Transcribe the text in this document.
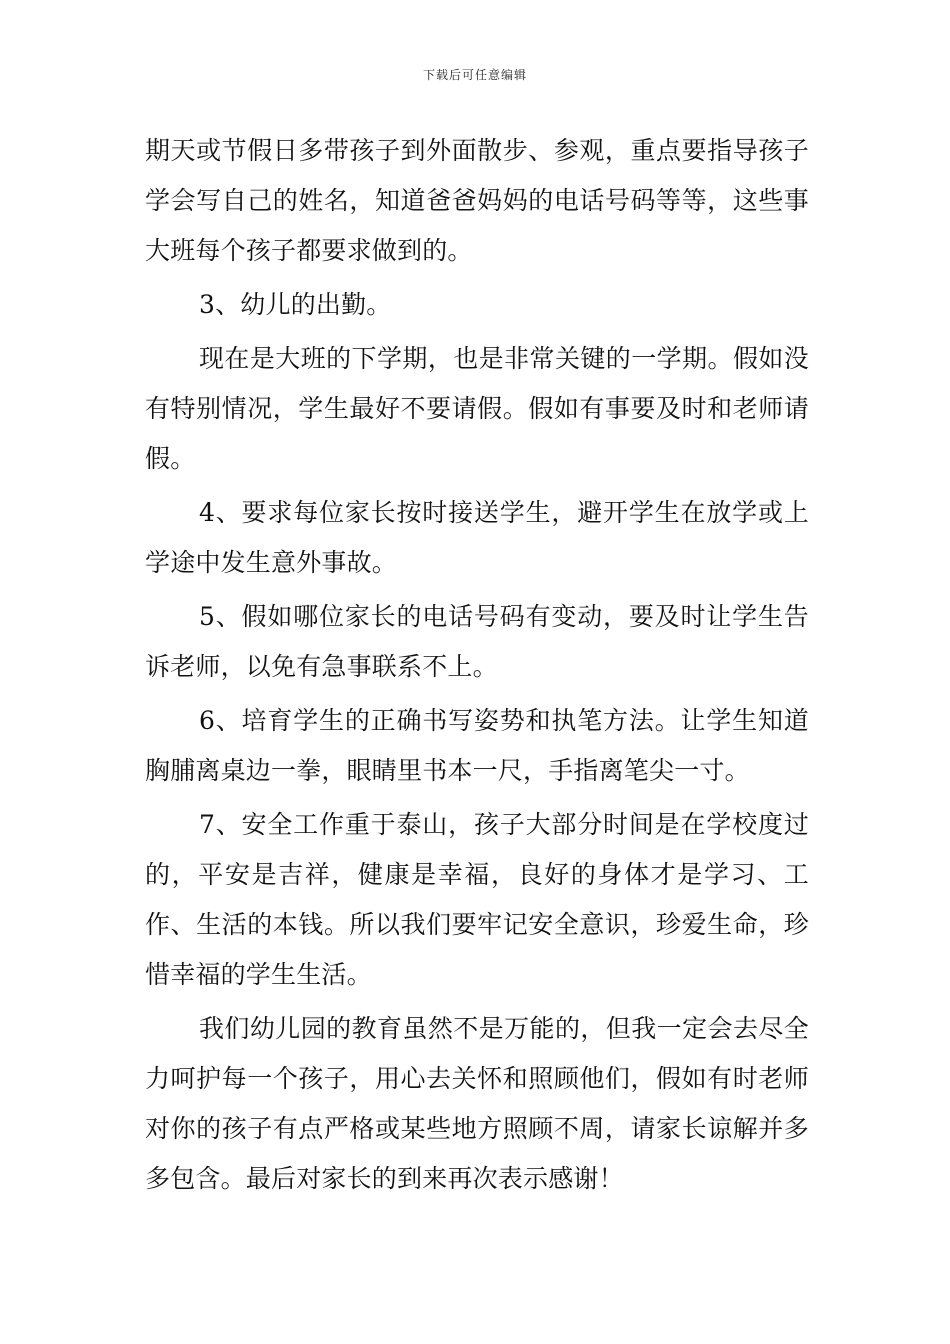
下载后可任意编辑

期天或节假日多带孩子到外面散步、参观，重点要指导孩子学会写自己的姓名，知道爸爸妈妈的电话号码等等，这些事大班每个孩子都要求做到的。

3、幼儿的出勤。

现在是大班的下学期，也是非常关键的一学期。假如没有特别情况，学生最好不要请假。假如有事要及时和老师请假。

4、要求每位家长按时接送学生，避开学生在放学或上学途中发生意外事故。

5、假如哪位家长的电话号码有变动，要及时让学生告诉老师，以免有急事联系不上。

6、培育学生的正确书写姿势和执笔方法。让学生知道胸脯离桌边一拳，眼睛里书本一尺，手指离笔尖一寸。

7、安全工作重于泰山，孩子大部分时间是在学校度过的，平安是吉祥，健康是幸福，良好的身体才是学习、工作、生活的本钱。所以我们要牢记安全意识，珍爱生命，珍惜幸福的学生生活。

我们幼儿园的教育虽然不是万能的，但我一定会去尽全力呵护每一个孩子，用心去关怀和照顾他们，假如有时老师对你的孩子有点严格或某些地方照顾不周，请家长谅解并多多包含。最后对家长的到来再次表示感谢！
